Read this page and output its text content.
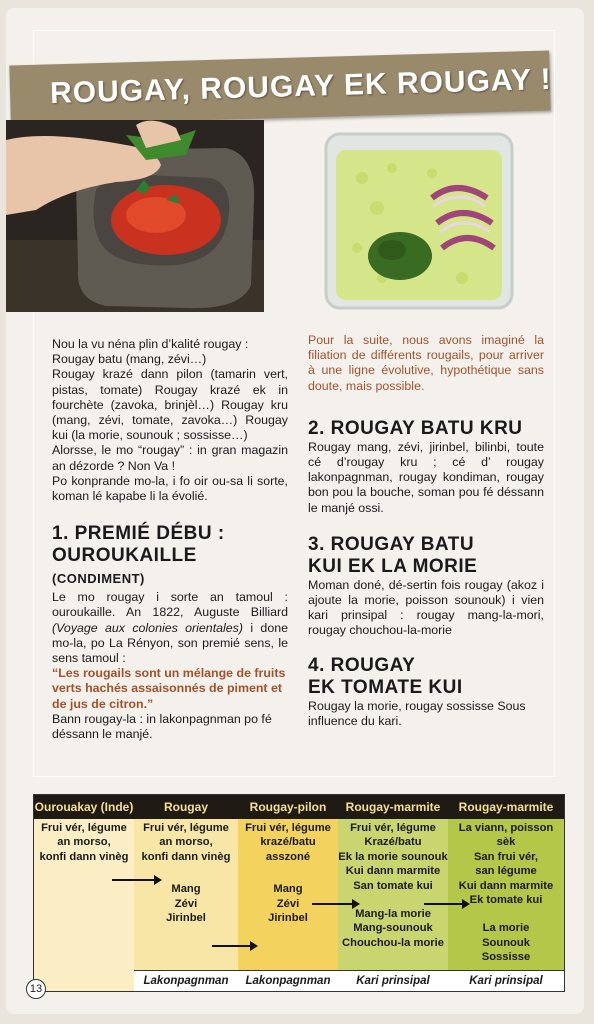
ROUGAY, ROUGAY EK ROUGAY !

Nou la vu néna plin d’kalité rougay :

Rougay batu (mang, zévi…)

Rougay krazé dann pilon (tamarin vert, pistas, tomate) Rougay krazé ek in fourchète (zavoka, brinjèl…) Rougay kru (mang, zévi, tomate, zavoka…) Rougay kui (la morie, sounouk ; sossisse…)

Alorsse, le mo “rougay” : in gran magazin an dézorde ? Non Va !

Po konprande mo-la, i fo oir ou-sa li sorte, koman lé kapabe li la évolié.

1. PREMIÉ DÉBU :

OUROUKAILLE (CONDIMENT)

Le mo rougay i sorte an tamoul : ouroukaille. An 1822, Auguste Billiard (Voyage aux colonies orientales) i done mo-la, po La Rényon, son premié sens, le sens tamoul :

“Les rougails sont un mélange de fruits verts hachés assaisonnés de piment et de jus de citron.”

Bann rougay-la : in lakonpagnman po fé déssann le manjé.

Pour la suite, nous avons imaginé la filiation de différents rougails, pour arriver à une ligne évolutive, hypothétique sans doute, mais possible.

2. ROUGAY BATU KRU

Rougay mang, zévi, jirinbel, bilinbi, toute cé d’rougay kru ; cé d’ rougay lakonpagnman, rougay kondiman, rougay bon pou la bouche, soman pou fé déssann le manjé ossi.

3. ROUGAY BATU

KUI EK LA MORIE

Moman doné, dé-sertin fois rougay (akoz i ajoute la morie, poisson sounouk) i vien kari prinsipal : rougay mang-la-mori, rougay chouchou-la-morie

4. ROUGAY

EK TOMATE KUI

Rougay la morie, rougay sossisse Sous influence du kari.

Ourouakay (Inde)
Frui vér, légume
an morso,
konfi dann vinèg
Rougay
Frui vér, légume
an morso,
konfi dann vinèg
Mang
Zévi
Jirinbel
Lakonpagnman
Rougay-pilon
Frui vér, légume
krazé/batu
asszoné
Mang
Zévi
Jirinbel
Lakonpagnman
Rougay-marmite
Frui vér, légume
Krazé/batu
Ek la morie sounouk
Kui dann marmite
San tomate kui
Mang-la morie
Mang-sounouk
Chouchou-la morie
Kari prinsipal
Rougay-marmite
La viann, poisson sèk
San frui vér,
san légume
Kui dann marmite
Ek tomate kui
La morie
Sounouk
Sossisse
Kari prinsipal
13
